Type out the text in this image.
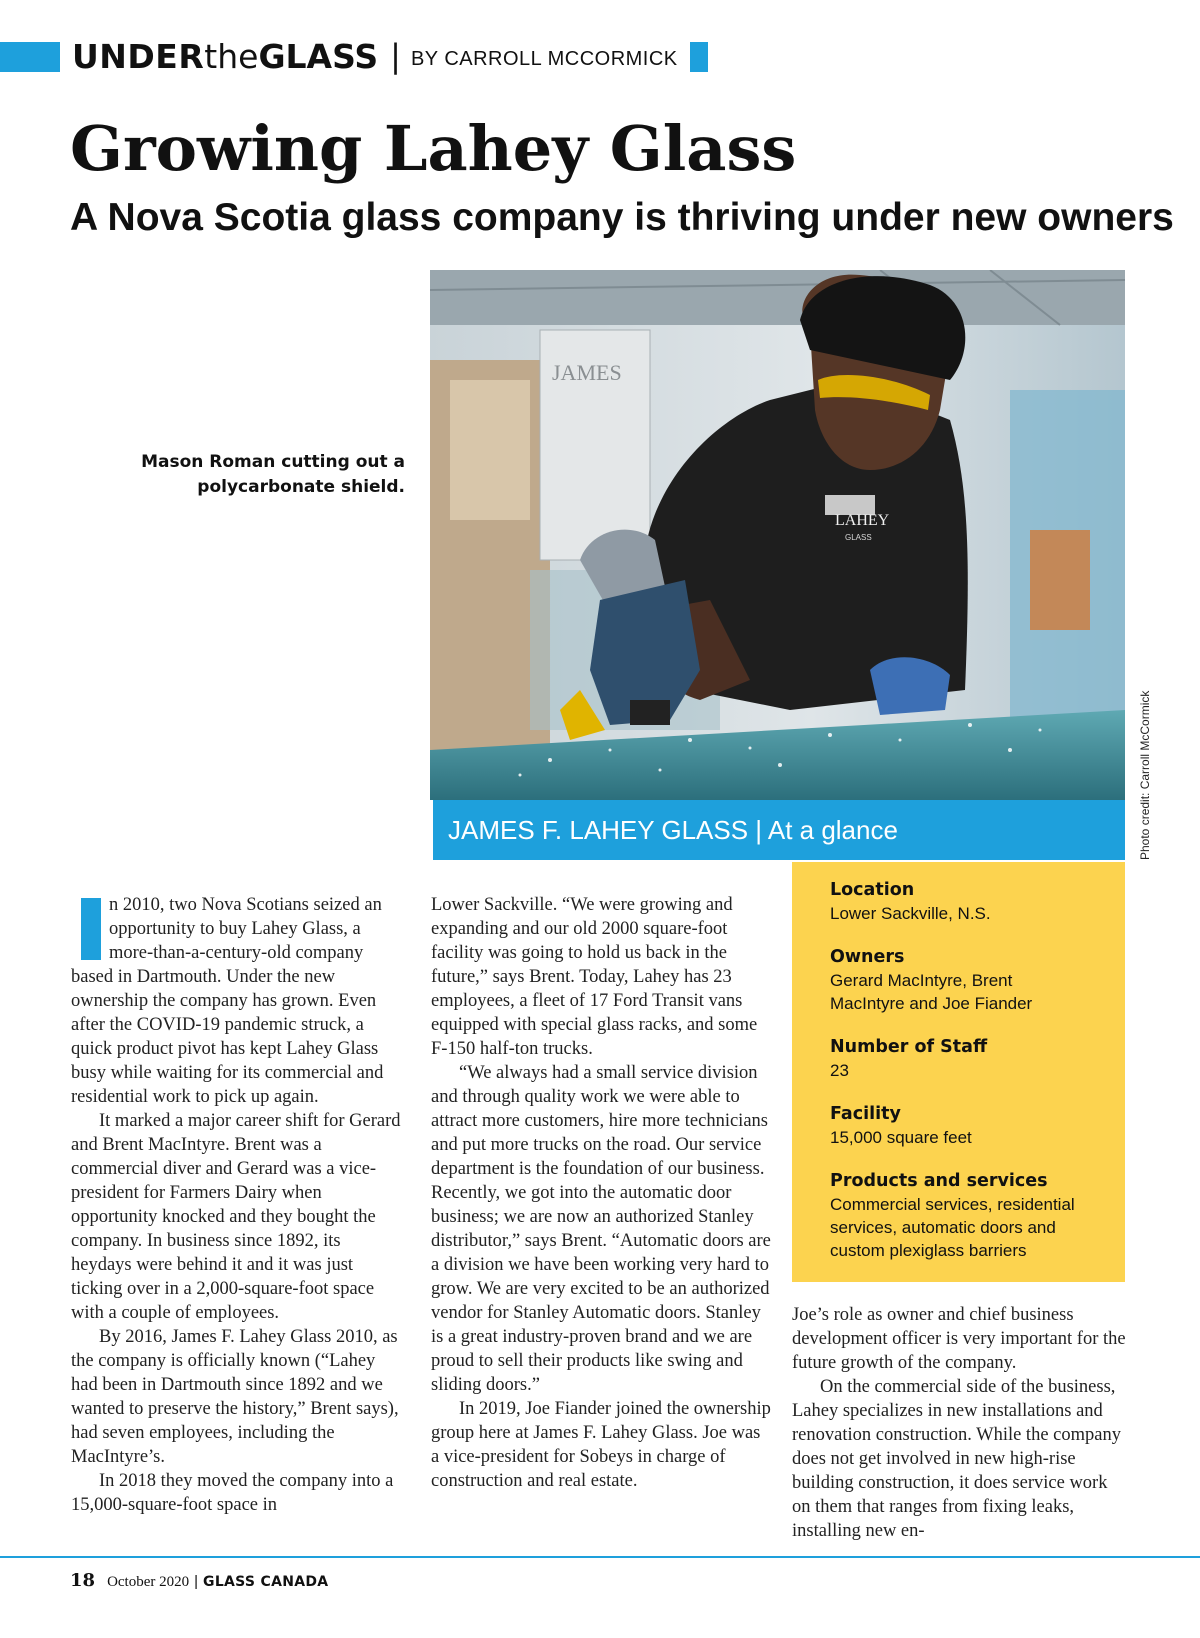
UNDER the GLASS | BY CARROLL MCCORMICK
Growing Lahey Glass
A Nova Scotia glass company is thriving under new owners
Mason Roman cutting out a polycarbonate shield.
JAMES
LAHEY
GLASS
Photo credit: Carroll McCormick
JAMES F. LAHEY GLASS | At a glance
Location
Lower Sackville, N.S.
Owners
Gerard MacIntyre, Brent MacIntyre and Joe Fiander
Number of Staff
23
Facility
15,000 square feet
Products and services
Commercial services, residential services, automatic doors and custom plexiglass barriers

I	n 2010, two Nova Scotians seized an opportunity to buy Lahey Glass, a more-than-a-century-old company based in Dartmouth. Under the new ownership the company has grown. Even after the COVID-19 pandemic struck, a quick product pivot has kept Lahey Glass busy while waiting for its commercial and residential work to pick up again.

It marked a major career shift for Gerard and Brent MacIntyre. Brent was a commercial diver and Gerard was a vice-president for Farmers Dairy when opportunity knocked and they bought the company. In business since 1892, its heydays were behind it and it was just ticking over in a 2,000-square-foot space with a couple of employees.

By 2016, James F. Lahey Glass 2010, as the company is officially known (“Lahey had been in Dartmouth since 1892 and we wanted to preserve the history,” Brent says), had seven employees, including the MacIntyre’s.

In 2018 they moved the company into a 15,000-square-foot space in

Lower Sackville. “We were growing and expanding and our old 2000 square-foot facility was going to hold us back in the future,” says Brent. Today, Lahey has 23 employees, a fleet of 17 Ford Transit vans equipped with special glass racks, and some F-150 half-ton trucks.

“We always had a small service division and through quality work we were able to attract more customers, hire more technicians and put more trucks on the road. Our service department is the foundation of our business. Recently, we got into the automatic door business; we are now an authorized Stanley distributor,” says Brent. “Automatic doors are a division we have been working very hard to grow. We are very excited to be an authorized vendor for Stanley Automatic doors. Stanley is a great industry-proven brand and we are proud to sell their products like swing and sliding doors.”

In 2019, Joe Fiander joined the ownership group here at James F. Lahey Glass. Joe was a vice-president for Sobeys in charge of construction and real estate.

Joe’s role as owner and chief business development officer is very important for the future growth of the company.

On the commercial side of the business, Lahey specializes in new installations and renovation construction. While the company does not get involved in new high-rise building construction, it does service work on them that ranges from fixing leaks, installing new en-

18 October 2020 | GLASS CANADA
